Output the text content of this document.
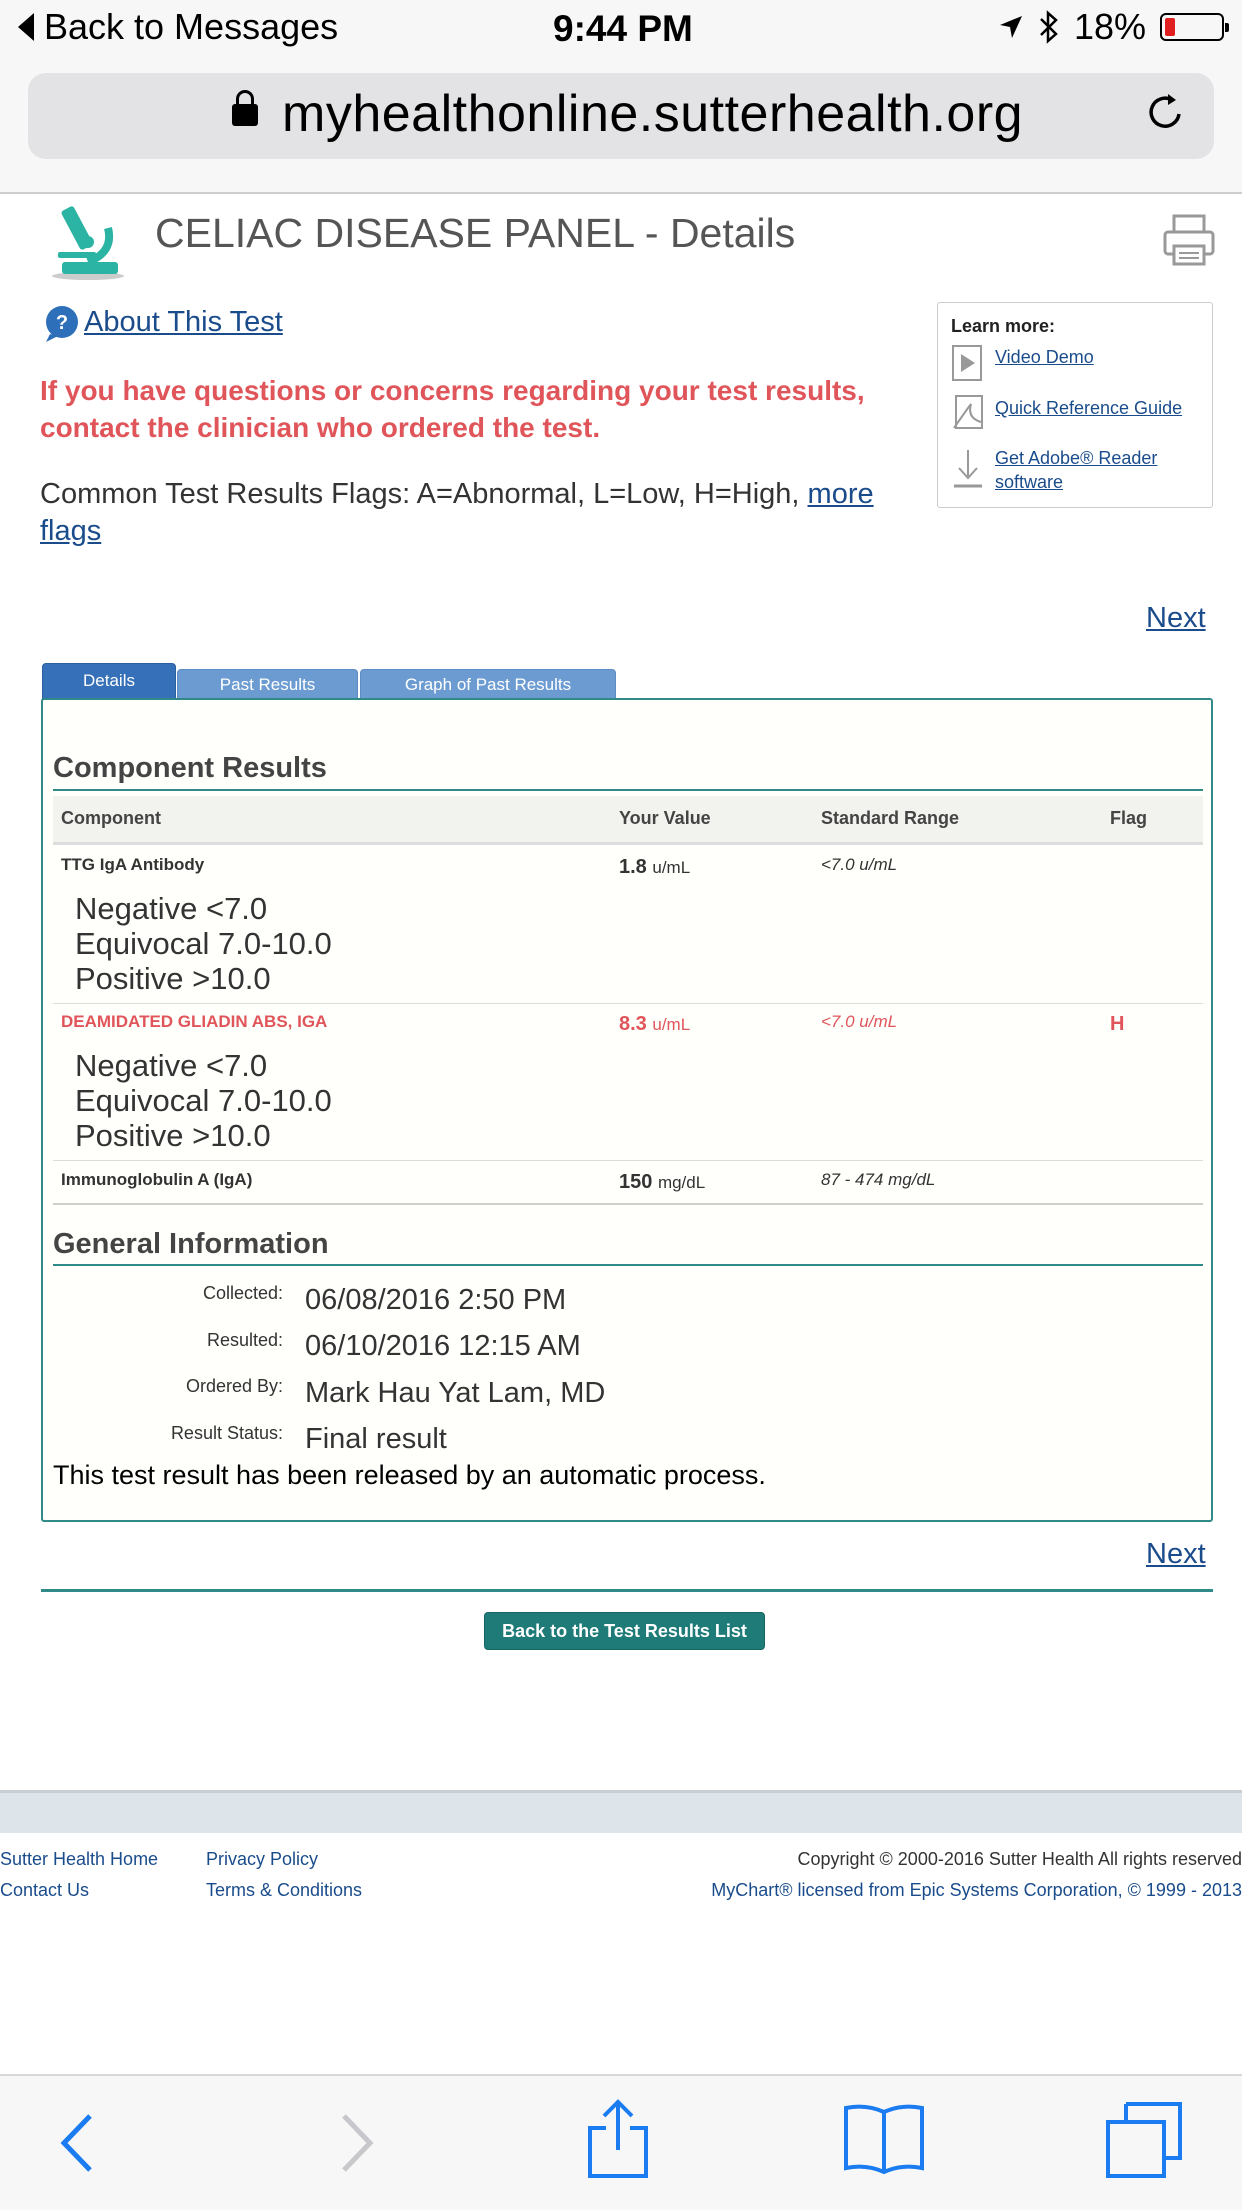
Back to Messages	9:44 PM	18%
myhealthonline.sutterhealth.org
CELIAC DISEASE PANEL - Details
? About This Test
If you have questions or concerns regarding your test results, contact the clinician who ordered the test.
Common Test Results Flags: A=Abnormal, L=Low, H=High, more flags
Learn more:
Video Demo
Quick Reference Guide
Get Adobe® Reader software
Next
Details	Past Results	Graph of Past Results
Component Results
Component	Your Value	Standard Range	Flag
TTG IgA Antibody	1.8 u/mL	<7.0 u/mL
Negative <7.0
Equivocal 7.0-10.0
Positive >10.0
DEAMIDATED GLIADIN ABS, IGA	8.3 u/mL	<7.0 u/mL	H
Negative <7.0
Equivocal 7.0-10.0
Positive >10.0
Immunoglobulin A (IgA)	150 mg/dL	87 - 474 mg/dL
General Information
Collected: 06/08/2016 2:50 PM
Resulted: 06/10/2016 12:15 AM
Ordered By: Mark Hau Yat Lam, MD
Result Status: Final result
This test result has been released by an automatic process.
Next
Back to the Test Results List
Sutter Health Home
Contact Us
Privacy Policy
Terms & Conditions
Copyright © 2000-2016 Sutter Health All rights reserved
MyChart® licensed from Epic Systems Corporation, © 1999 - 2013
